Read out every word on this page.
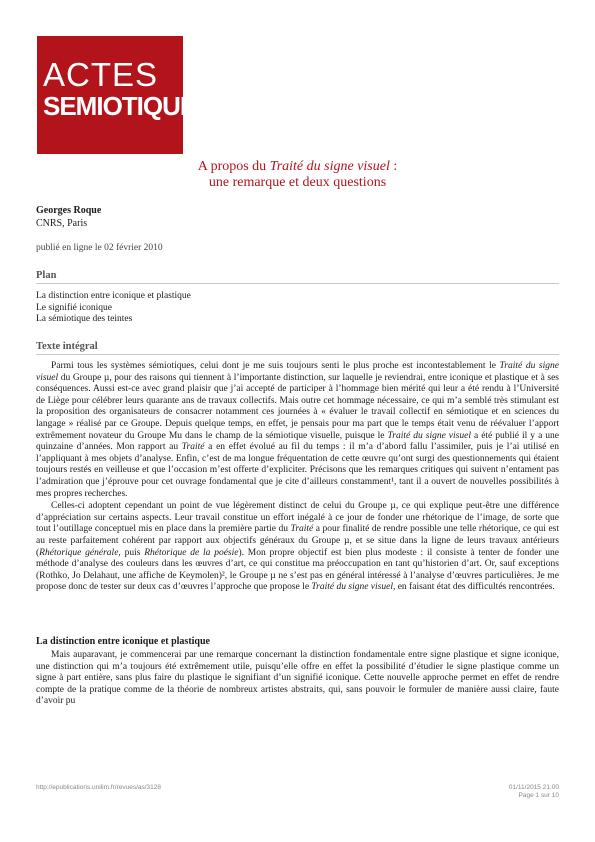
ACTES
SEMIOTIQUES
A propos du Traité du signe visuel :
une remarque et deux questions
Georges Roque
CNRS, Paris
publié en ligne le 02 février 2010
Plan
La distinction entre iconique et plastique
Le signifié iconique
La sémiotique des teintes
Texte intégral

Parmi tous les systèmes sémiotiques, celui dont je me suis toujours senti le plus proche est incontestablement le Traité du signe visuel du Groupe µ, pour des raisons qui tiennent à l’importante distinction, sur laquelle je reviendrai, entre iconique et plastique et à ses conséquences. Aussi est-ce avec grand plaisir que j’ai accepté de participer à l’hommage bien mérité qui leur a été rendu à l’Université de Liège pour célébrer leurs quarante ans de travaux collectifs. Mais outre cet hommage nécessaire, ce qui m’a semblé très stimulant est la proposition des organisateurs de consacrer notamment ces journées à « évaluer le travail collectif en sémiotique et en sciences du langage » réalisé par ce Groupe. Depuis quelque temps, en effet, je pensais pour ma part que le temps était venu de réévaluer l’apport extrêmement novateur du Groupe Mu dans le champ de la sémiotique visuelle, puisque le Traité du signe visuel a été publié il y a une quinzaine d’années. Mon rapport au Traité a en effet évolué au fil du temps : il m’a d’abord fallu l’assimiler, puis je l’ai utilisé en l’appliquant à mes objets d’analyse. Enfin, c’est de ma longue fréquentation de cette œuvre qu’ont surgi des questionnements qui étaient toujours restés en veilleuse et que l’occasion m’est offerte d’expliciter. Précisons que les remarques critiques qui suivent n’entament pas l’admiration que j’éprouve pour cet ouvrage fondamental que je cite d’ailleurs constamment¹, tant il a ouvert de nouvelles possibilités à mes propres recherches.

Celles-ci adoptent cependant un point de vue légèrement distinct de celui du Groupe µ, ce qui explique peut-être une différence d’appréciation sur certains aspects. Leur travail constitue un effort inégalé à ce jour de fonder une rhétorique de l’image, de sorte que tout l’outillage conceptuel mis en place dans la première partie du Traité a pour finalité de rendre possible une telle rhétorique, ce qui est au reste parfaitement cohérent par rapport aux objectifs généraux du Groupe µ, et se situe dans la ligne de leurs travaux antérieurs (Rhétorique générale, puis Rhétorique de la poésie). Mon propre objectif est bien plus modeste : il consiste à tenter de fonder une méthode d’analyse des couleurs dans les œuvres d’art, ce qui constitue ma préoccupation en tant qu’historien d’art. Or, sauf exceptions (Rothko, Jo Delahaut, une affiche de Keymolen)², le Groupe µ ne s’est pas en général intéressé à l’analyse d’œuvres particulières. Je me propose donc de tester sur deux cas d’œuvres l’approche que propose le Traité du signe visuel, en faisant état des difficultés rencontrées.

La distinction entre iconique et plastique

Mais auparavant, je commencerai par une remarque concernant la distinction fondamentale entre signe plastique et signe iconique, une distinction qui m’a toujours été extrêmement utile, puisqu’elle offre en effet la possibilité d’étudier le signe plastique comme un signe à part entière, sans plus faire du plastique le signifiant d’un signifié iconique. Cette nouvelle approche permet en effet de rendre compte de la pratique comme de la théorie de nombreux artistes abstraits, qui, sans pouvoir le formuler de manière aussi claire, faute d’avoir pu

http://epublications.unilim.fr/revues/as/3128	01/11/2015 21:00
Page 1 sur 10
